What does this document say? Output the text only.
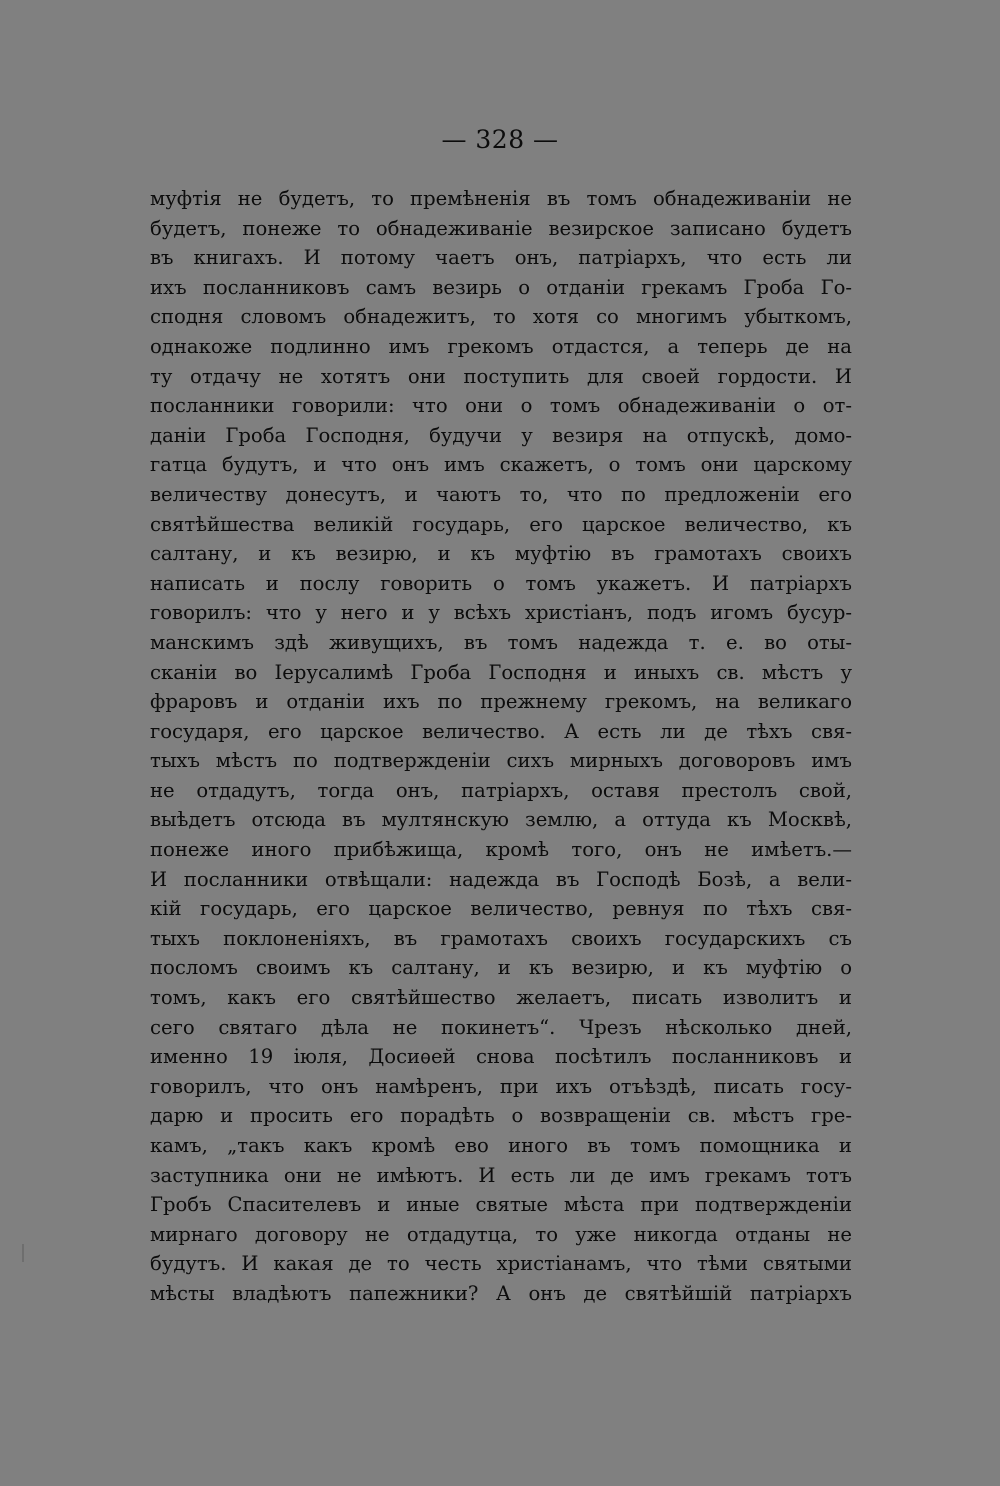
— 328 —
муфтія не будетъ, то премѣненія въ томъ обнадеживаніи не
будетъ, понеже то обнадеживаніе везирское записано будетъ
въ книгахъ. И потому чаетъ онъ, патріархъ, что есть ли
ихъ посланниковъ самъ везирь о отданіи грекамъ Гроба Го-
сподня словомъ обнадежитъ, то хотя со многимъ убыткомъ,
однакоже подлинно имъ грекомъ отдастся, а теперь де на
ту отдачу не хотятъ они поступить для своей гордости. И
посланники говорили: что они о томъ обнадеживаніи о от-
даніи Гроба Господня, будучи у везиря на отпускѣ, домо-
гатца будутъ, и что онъ имъ скажетъ, о томъ они царскому
величеству донесутъ, и чаютъ то, что по предложеніи его
святѣйшества великій государь, его царское величество, къ
салтану, и къ везирю, и къ муфтію въ грамотахъ своихъ
написать и послу говорить о томъ укажетъ. И патріархъ
говорилъ: что у него и у всѣхъ христіанъ, подъ игомъ бусур-
манскимъ здѣ живущихъ, въ томъ надежда т. е. во оты-
сканіи во Іерусалимѣ Гроба Господня и иныхъ св. мѣстъ у
фраровъ и отданіи ихъ по прежнему грекомъ, на великаго
государя, его царское величество. А есть ли де тѣхъ свя-
тыхъ мѣстъ по подтвержденіи сихъ мирныхъ договоровъ имъ
не отдадутъ, тогда онъ, патріархъ, оставя престолъ свой,
выѣдетъ отсюда въ мултянскую землю, а оттуда къ Москвѣ,
понеже иного прибѣжища, кромѣ того, онъ не имѣетъ.—
И посланники отвѣщали: надежда въ Господѣ Бозѣ, а вели-
кій государь, его царское величество, ревнуя по тѣхъ свя-
тыхъ поклоненіяхъ, въ грамотахъ своихъ государскихъ съ
посломъ своимъ къ салтану, и къ везирю, и къ муфтію о
томъ, какъ его святѣйшество желаетъ, писать изволитъ и
сего святаго дѣла не покинетъ“. Чрезъ нѣсколько дней,
именно 19 іюля, Досиѳей снова посѣтилъ посланниковъ и
говорилъ, что онъ намѣренъ, при ихъ отъѣздѣ, писать госу-
дарю и просить его порадѣть о возвращеніи св. мѣстъ гре-
камъ, „такъ какъ кромѣ ево иного въ томъ помощника и
заступника они не имѣютъ. И есть ли де имъ грекамъ тотъ
Гробъ Спасителевъ и иные святые мѣста при подтвержденіи
мирнаго договору не отдадутца, то уже никогда отданы не
будутъ. И какая де то честь христіанамъ, что тѣми святыми
мѣсты владѣютъ папежники? А онъ де святѣйшій патріархъ
